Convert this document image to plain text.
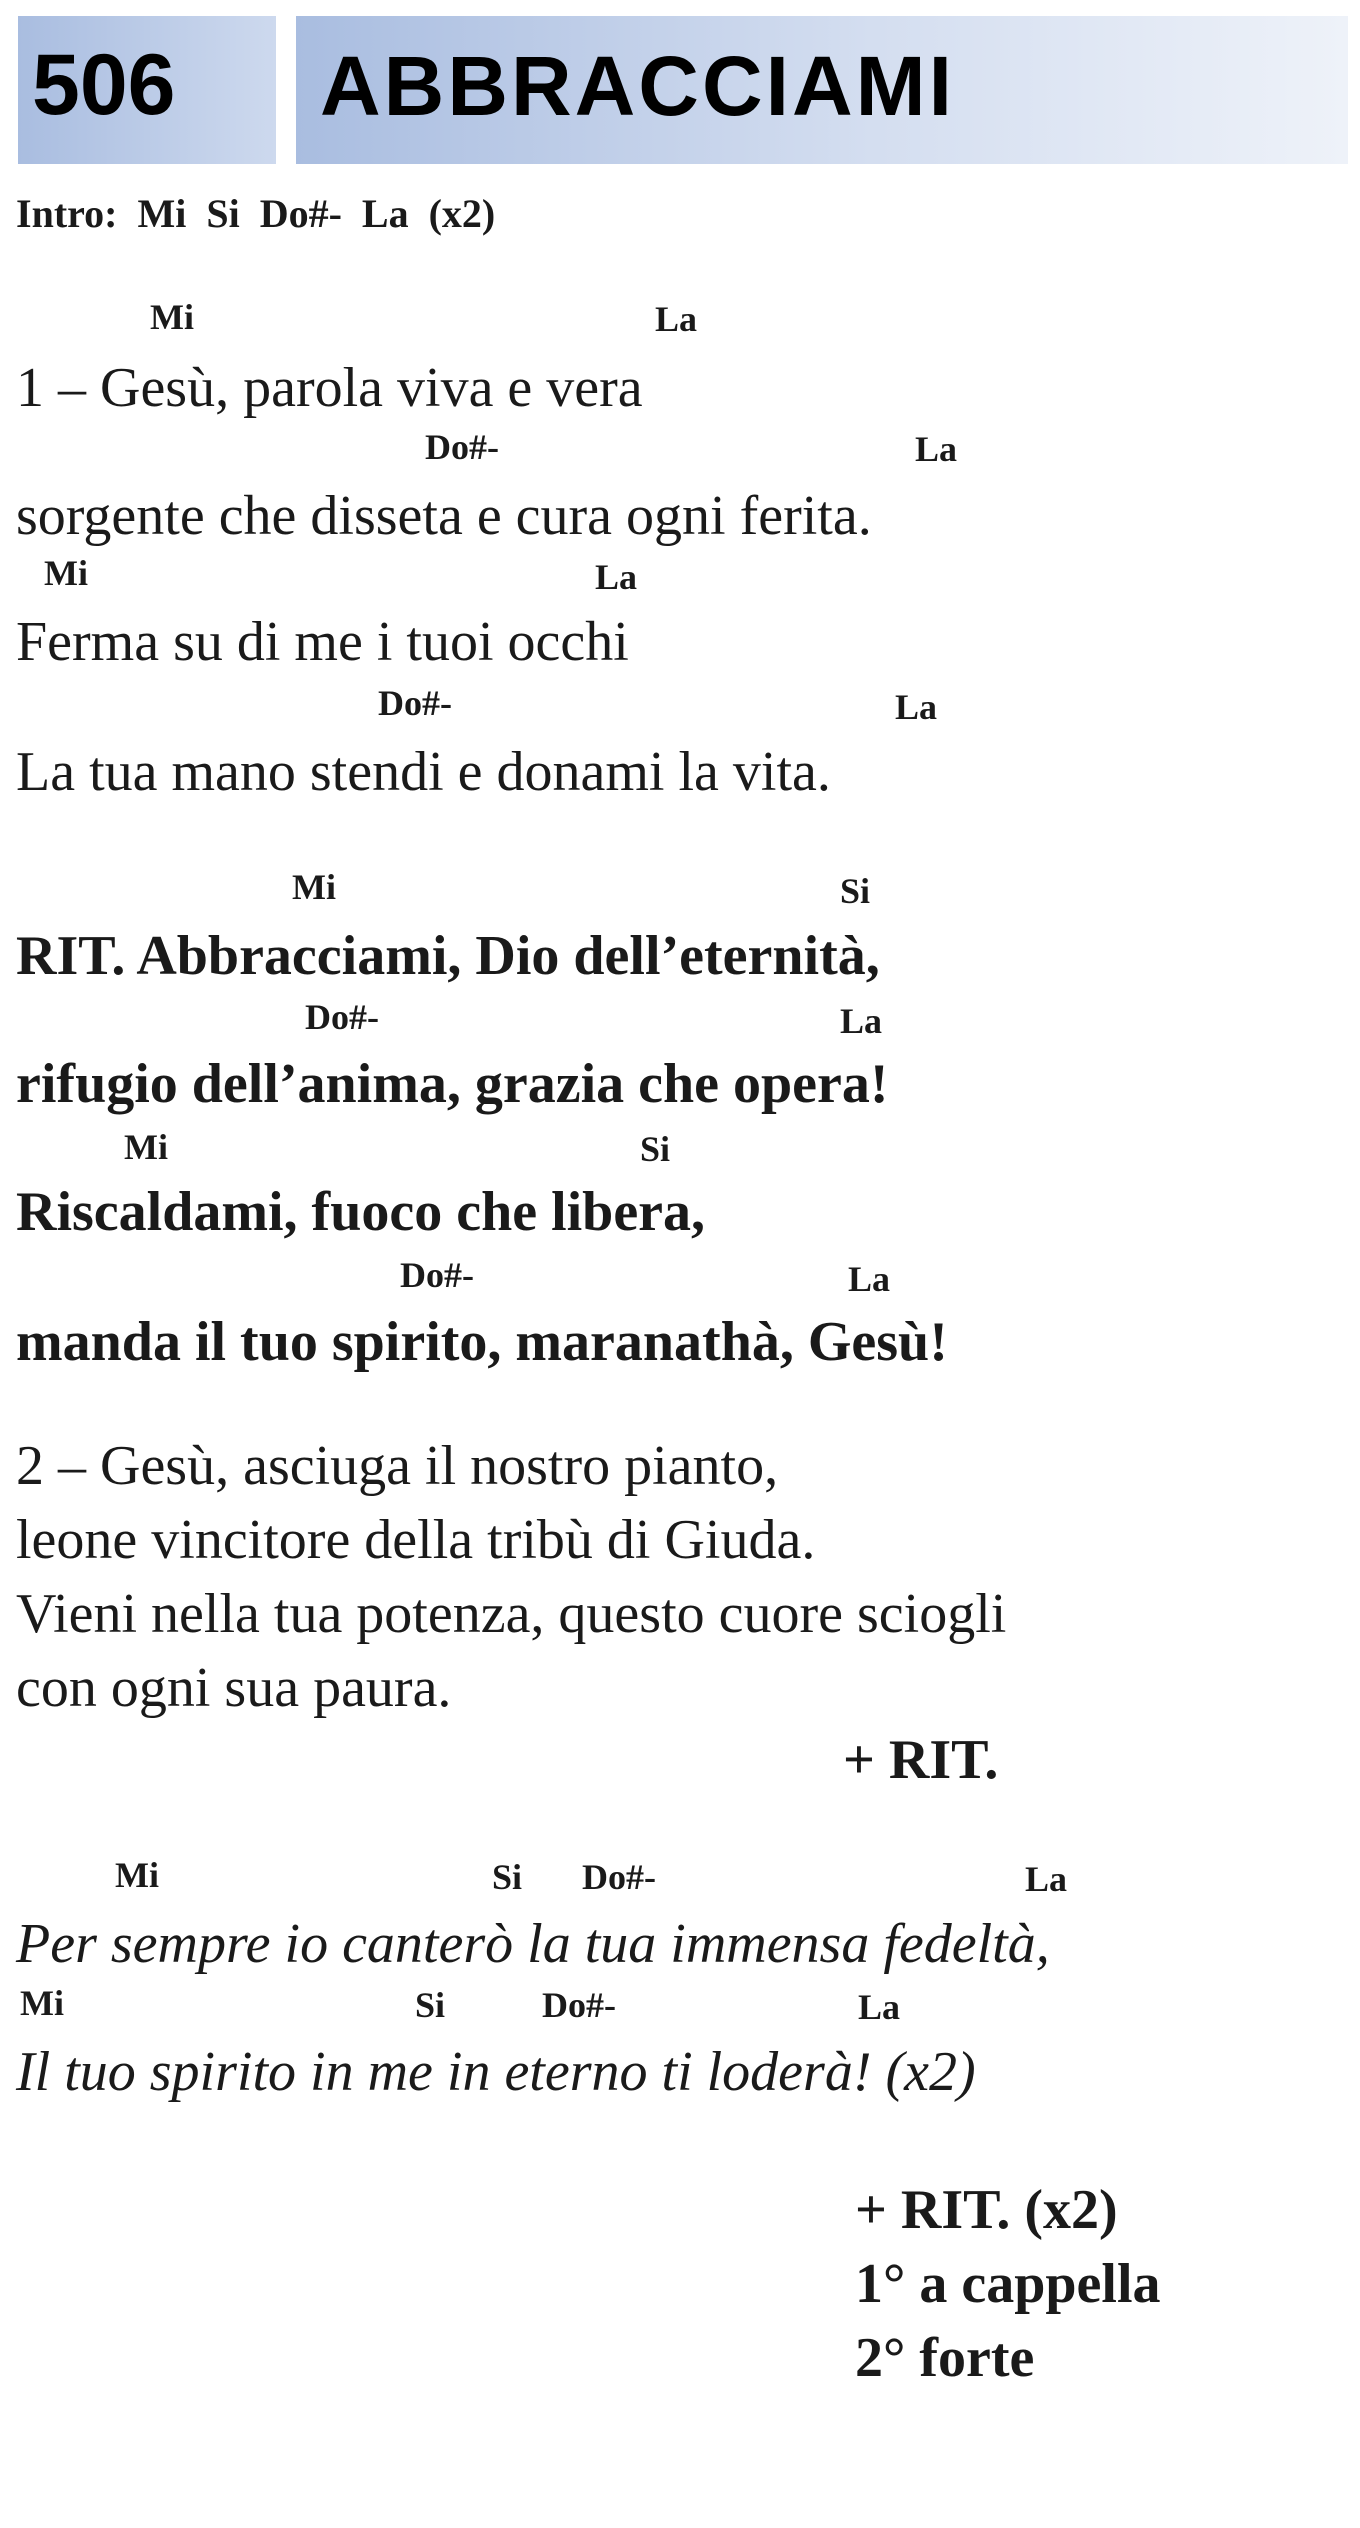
506 ABBRACCIAMI
Intro: Mi Si Do#- La (x2)
Mi	La
1 – Gesù, parola viva e vera
Do#-	La
sorgente che disseta e cura ogni ferita.
Mi	La
Ferma su di me i tuoi occhi
Do#-	La
La tua mano stendi e donami la vita.
Mi	Si
RIT. Abbracciami, Dio dell’eternità,
Do#-	La
rifugio dell’anima, grazia che opera!
Mi	Si
Riscaldami, fuoco che libera,
Do#-	La
manda il tuo spirito, maranathà, Gesù!
2 – Gesù, asciuga il nostro pianto,
leone vincitore della tribù di Giuda.
Vieni nella tua potenza, questo cuore sciogli
con ogni sua paura.
+ RIT.
Mi	Si Do#-	La
Per sempre io canterò la tua immensa fedeltà,
Mi	Si	Do#-	La
Il tuo spirito in me in eterno ti loderà! (x2)
+ RIT. (x2)
1° a cappella
2° forte
